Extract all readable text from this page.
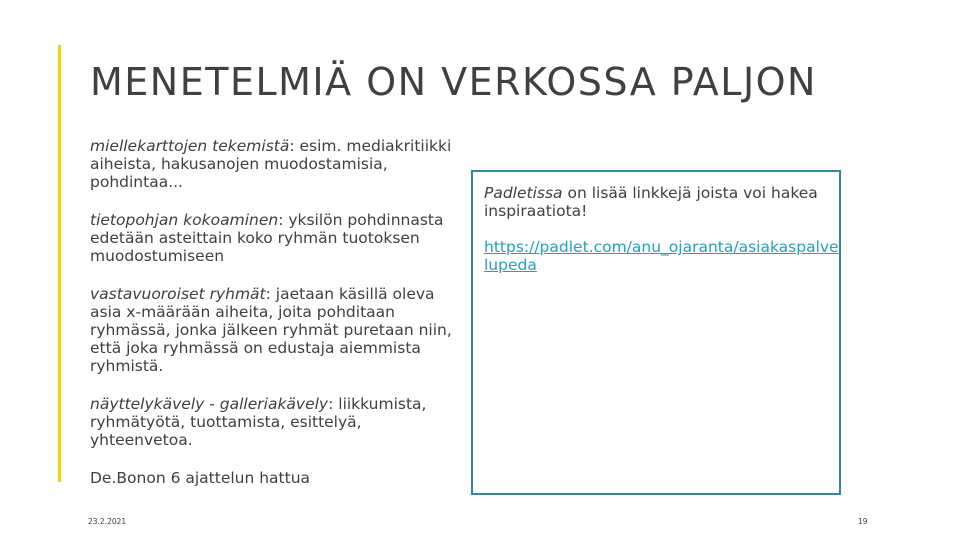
MENETELMIÄ ON VERKOSSA PALJON

miellekarttojen tekemistä: esim. mediakritiikki aiheista, hakusanojen muodostamisia, pohdintaa...

tietopohjan kokoaminen: yksilön pohdinnasta edetään asteittain koko ryhmän tuotoksen muodostumiseen

vastavuoroiset ryhmät: jaetaan käsillä oleva asia x-määrään aiheita, joita pohditaan ryhmässä, jonka jälkeen ryhmät puretaan niin, että joka ryhmässä on edustaja aiemmista ryhmistä.

näyttelykävely - galleriakävely: liikkumista, ryhmätyötä, tuottamista, esittelyä, yhteenvetoa.

De.Bonon 6 ajattelun hattua

Padletissa on lisää linkkejä joista voi hakea inspiraatiota!

https://padlet.com/anu_ojaranta/asiakaspalvelupeda
23.2.2021	19
